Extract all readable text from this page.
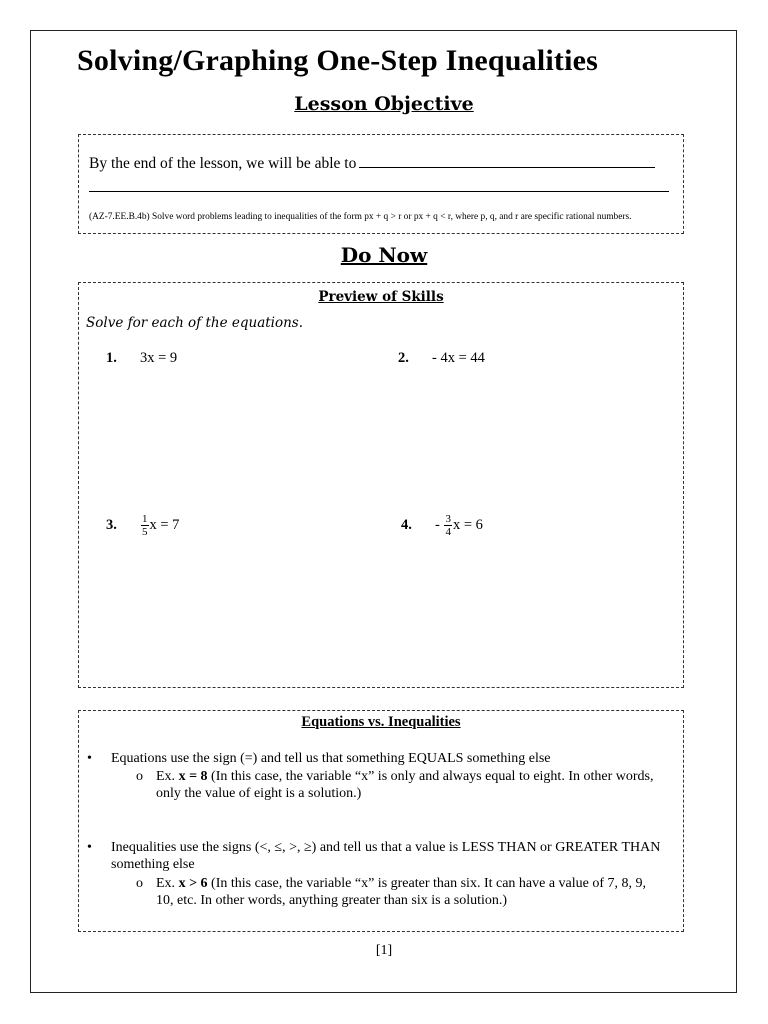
Solving/Graphing One-Step Inequalities
Lesson Objective
By the end of the lesson, we will be able to
(AZ-7.EE.B.4b) Solve word problems leading to inequalities of the form px + q > r or px + q < r, where p, q, and r are specific rational numbers.
Do Now
Preview of Skills
Solve for each of the equations.
1. 3x = 9	2. - 4x = 44
3. $\frac{1}{5}$ x = 7	4. - $\frac{3}{4}$ x = 6
Equations vs. Inequalities
• Equations use the sign (=) and tell us that something EQUALS something else
o Ex. x = 8 (In this case, the variable “x” is only and always equal to eight. In other words, only the value of eight is a solution.)
• Inequalities use the signs (<, ≤, >, ≥) and tell us that a value is LESS THAN or GREATER THAN something else
o Ex. x > 6 (In this case, the variable “x” is greater than six. It can have a value of 7, 8, 9, 10, etc. In other words, anything greater than six is a solution.)
[1]
